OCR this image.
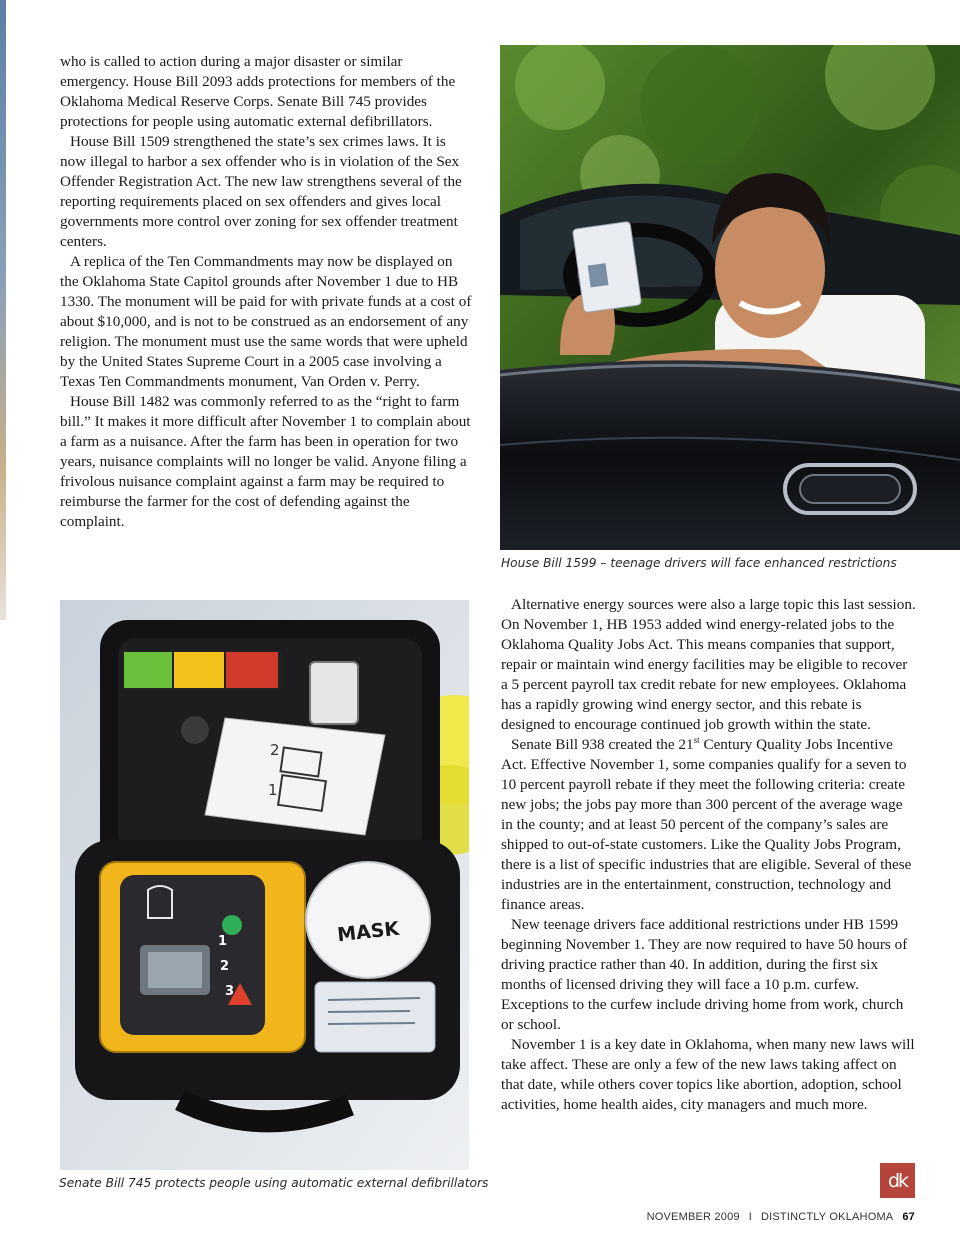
who is called to action during a major disaster or similar emergency. House Bill 2093 adds protections for members of the Oklahoma Medical Reserve Corps. Senate Bill 745 provides protections for people using automatic external defibrillators.

House Bill 1509 strengthened the state’s sex crimes laws. It is now illegal to harbor a sex offender who is in violation of the Sex Offender Registration Act. The new law strengthens several of the reporting requirements placed on sex offenders and gives local governments more control over zoning for sex offender treatment centers.

A replica of the Ten Commandments may now be displayed on the Oklahoma State Capitol grounds after November 1 due to HB 1330. The monument will be paid for with private funds at a cost of about $10,000, and is not to be construed as an endorsement of any religion. The monument must use the same words that were upheld by the United States Supreme Court in a 2005 case involving a Texas Ten Commandments monument, Van Orden v. Perry.

House Bill 1482 was commonly referred to as the “right to farm bill.” It makes it more difficult after November 1 to complain about a farm as a nuisance. After the farm has been in operation for two years, nuisance complaints will no longer be valid. Anyone filing a frivolous nuisance complaint against a farm may be required to reimburse the farmer for the cost of defending against the complaint.

House Bill 1599 – teenage drivers will face enhanced restrictions
2
1
1
2
3
MASK
Senate Bill 745 protects people using automatic external defibrillators

Alternative energy sources were also a large topic this last session. On November 1, HB 1953 added wind energy-related jobs to the Oklahoma Quality Jobs Act. This means companies that support, repair or maintain wind energy facilities may be eligible to recover a 5 percent payroll tax credit rebate for new employees. Oklahoma has a rapidly growing wind energy sector, and this rebate is designed to encourage continued job growth within the state.

Senate Bill 938 created the 21st Century Quality Jobs Incentive Act. Effective November 1, some companies qualify for a seven to 10 percent payroll rebate if they meet the following criteria: create new jobs; the jobs pay more than 300 percent of the average wage in the county; and at least 50 percent of the company’s sales are shipped to out-of-state customers. Like the Quality Jobs Program, there is a list of specific industries that are eligible. Several of these industries are in the entertainment, construction, technology and finance areas.

New teenage drivers face additional restrictions under HB 1599 beginning November 1. They are now required to have 50 hours of driving practice rather than 40. In addition, during the first six months of licensed driving they will face a 10 p.m. curfew. Exceptions to the curfew include driving home from work, church or school.

November 1 is a key date in Oklahoma, when many new laws will take affect. These are only a few of the new laws taking affect on that date, while others cover topics like abortion, adoption, school activities, home health aides, city managers and much more.

dk
NOVEMBER 2009 I DISTINCTLY OKLAHOMA 67
